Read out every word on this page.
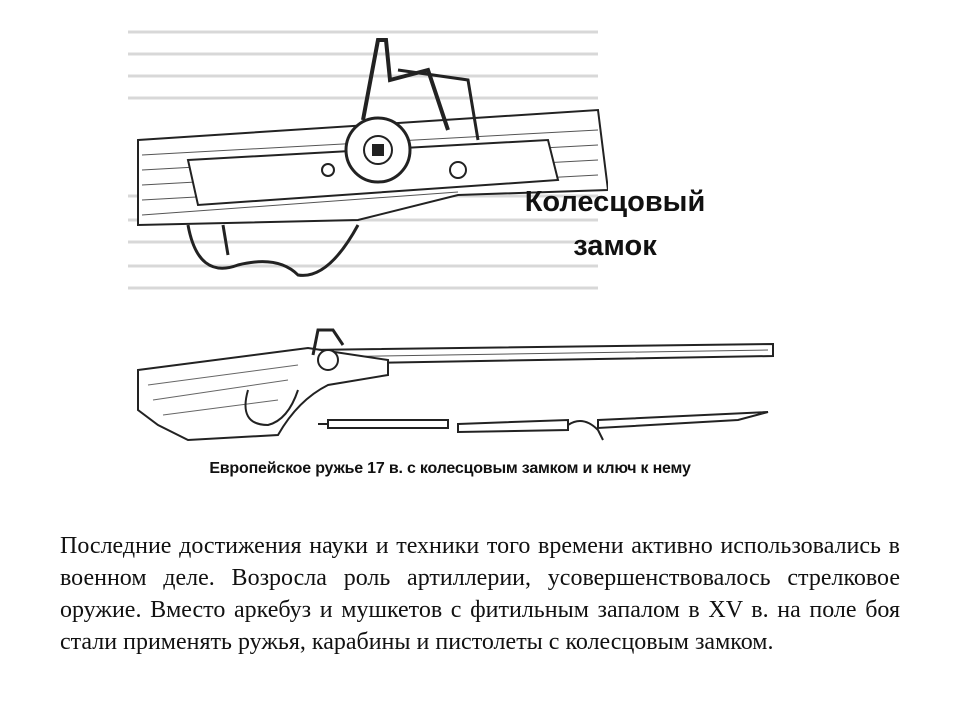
Колесцовый
замок
Европейское ружье 17 в. с колесцовым замком и ключ к нему

Последние достижения науки и техники того времени активно использовались в военном деле. Возросла роль артиллерии, усовершенствовалось стрелковое оружие. Вместо аркебуз и мушкетов с фитильным запалом в XV в. на поле боя стали применять ружья, карабины и пистолеты с колесцовым замком.
